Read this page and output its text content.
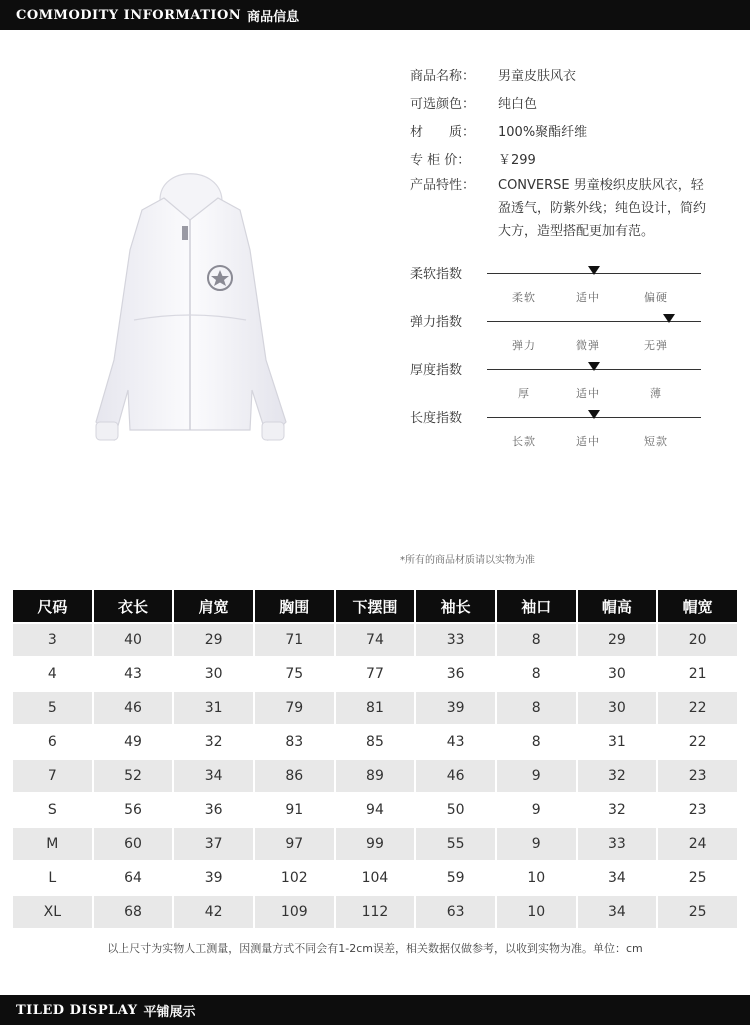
COMMODITY INFORMATION 商品信息
商品名称：	男童皮肤风衣
可选颜色：	纯白色
材　　质：	100%聚酯纤维
专 柜 价：	￥299
产品特性：	CONVERSE 男童梭织皮肤风衣，轻盈透气，防紫外线；纯色设计，简约大方，造型搭配更加有范。
柔软指数
柔软	适中	偏硬
弹力指数
弹力	微弹	无弹
厚度指数
厚	适中	薄
长度指数
长款	适中	短款
*所有的商品材质请以实物为准
尺码	衣长	肩宽	胸围	下摆围	袖长	袖口	帽高	帽宽
3	40	29	71	74	33	8	29	20
4	43	30	75	77	36	8	30	21
5	46	31	79	81	39	8	30	22
6	49	32	83	85	43	8	31	22
7	52	34	86	89	46	9	32	23
S	56	36	91	94	50	9	32	23
M	60	37	97	99	55	9	33	24
L	64	39	102	104	59	10	34	25
XL	68	42	109	112	63	10	34	25
以上尺寸为实物人工测量，因测量方式不同会有1-2cm误差，相关数据仅做参考，以收到实物为准。单位：cm
TILED DISPLAY 平铺展示
